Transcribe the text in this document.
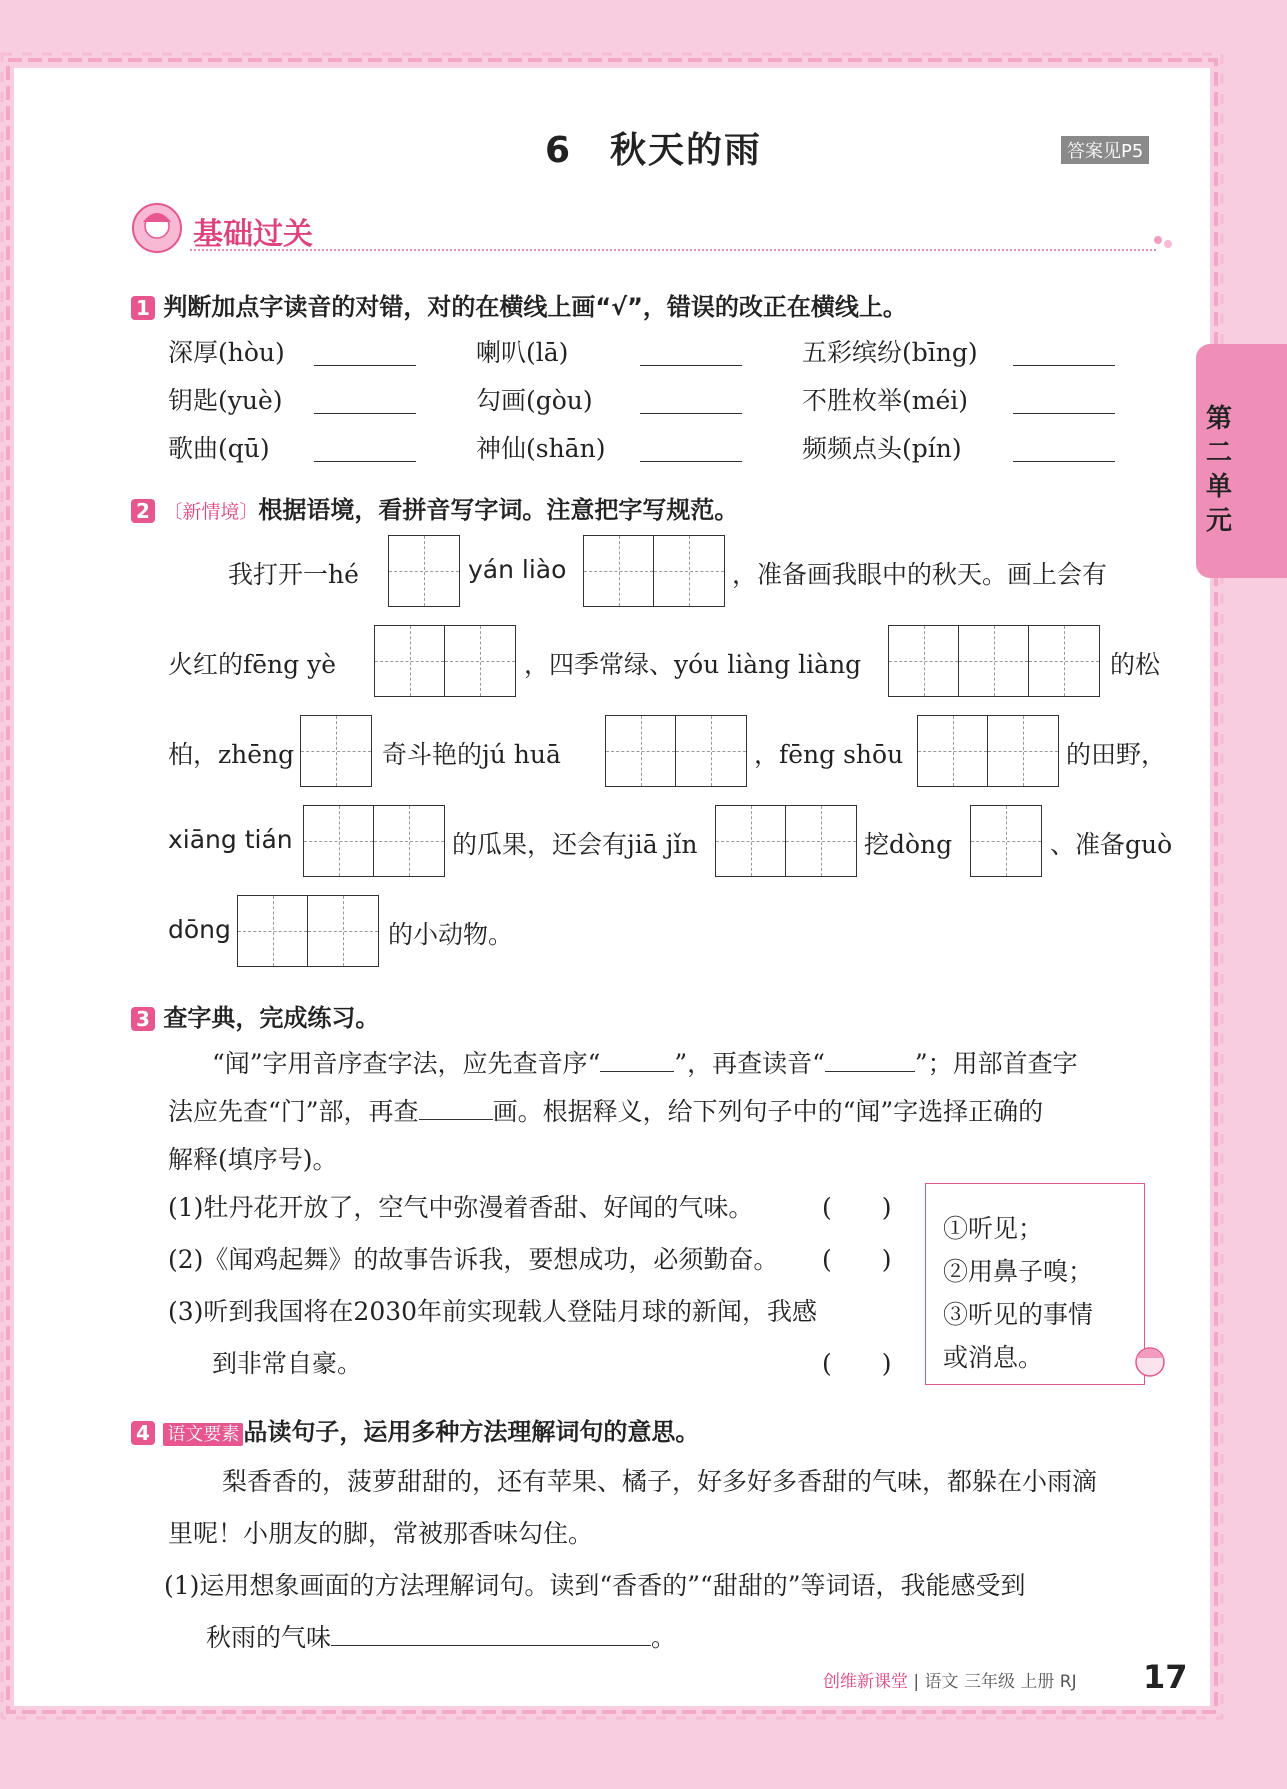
6　秋天的雨	答案见P5
基础过关
第二单元
1 判断加点字读音的对错，对的在横线上画“√”，错误的改正在横线上。
深厚(hòu)	喇叭(lā)	五彩缤纷(bīng)
钥匙(yuè)	勾画(gòu)	不胜枚举(méi)
歌曲(qū)	神仙(shān)	频频点头(pín)
2 〔新情境〕根据语境，看拼音写字词。注意把字写规范。
我打开一hé	yán liào	，准备画我眼中的秋天。画上会有
火红的fēng yè	，四季常绿、yóu liàng liàng	的松
柏，zhēng	奇斗艳的jú huā	，fēng shōu	的田野，
xiāng tián	的瓜果，还会有jiā jǐn	挖dòng	、准备guò
dōng	的小动物。
3 查字典，完成练习。
“闻”字用音序查字法，应先查音序“	”，再查读音“	”；用部首查字
法应先查“门”部，再查	画。根据释义，给下列句子中的“闻”字选择正确的
解释(填序号)。
(1)牡丹花开放了，空气中弥漫着香甜、好闻的气味。	(　　)
(2)《闻鸡起舞》的故事告诉我，要想成功，必须勤奋。 (　　)
(3)听到我国将在2030年前实现载人登陆月球的新闻，我感
到非常自豪。	(　　)
①听见；
②用鼻子嗅；
③听见的事情
或消息。
4 语文要素 品读句子，运用多种方法理解词句的意思。
梨香香的，菠萝甜甜的，还有苹果、橘子，好多好多香甜的气味，都躲在小雨滴
里呢！小朋友的脚，常被那香味勾住。
(1)运用想象画面的方法理解词句。读到“香香的”“甜甜的”等词语，我能感受到
秋雨的气味	。
创维新课堂 | 语文 三年级 上册 RJ 17
